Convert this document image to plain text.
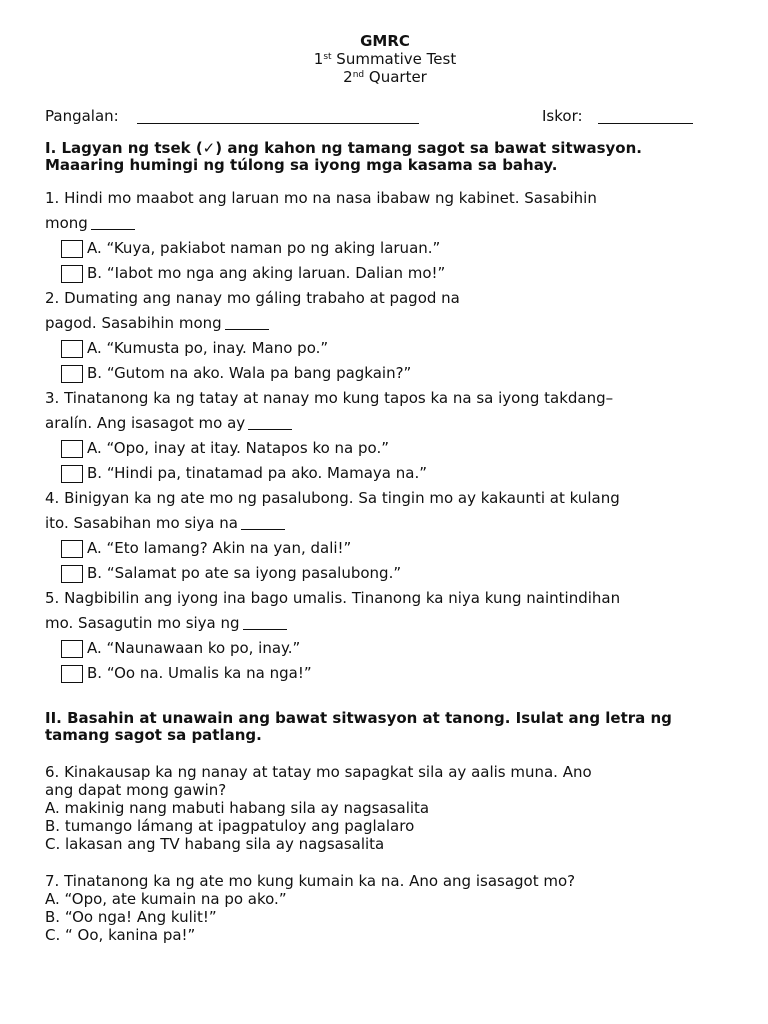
GMRC
1st Summative Test
2nd Quarter
Pangalan:	Iskor:
I. Lagyan ng tsek (✓) ang kahon ng tamang sagot sa bawat sitwasyon. Maaaring humingi ng túlong sa iyong mga kasama sa bahay.
1. Hindi mo maabot ang laruan mo na nasa ibabaw ng kabinet. Sasabihin
mong
A. “Kuya, pakiabot naman po ng aking laruan.”
B. “Iabot mo nga ang aking laruan. Dalian mo!”
2. Dumating ang nanay mo gáling trabaho at pagod na
pagod. Sasabihin mong
A. “Kumusta po, inay. Mano po.”
B. “Gutom na ako. Wala pa bang pagkain?”
3. Tinatanong ka ng tatay at nanay mo kung tapos ka na sa iyong takdang–
aralín. Ang isasagot mo ay
A. “Opo, inay at itay. Natapos ko na po.”
B. “Hindi pa, tinatamad pa ako. Mamaya na.”
4. Binigyan ka ng ate mo ng pasalubong. Sa tingin mo ay kakaunti at kulang
ito. Sasabihan mo siya na
A. “Eto lamang? Akin na yan, dali!”
B. “Salamat po ate sa iyong pasalubong.”
5. Nagbibilin ang iyong ina bago umalis. Tinanong ka niya kung naintindihan
mo. Sasagutin mo siya ng
A. “Naunawaan ko po, inay.”
B. “Oo na. Umalis ka na nga!”
II. Basahin at unawain ang bawat sitwasyon at tanong. Isulat ang letra ng tamang sagot sa patlang.
6. Kinakausap ka ng nanay at tatay mo sapagkat sila ay aalis muna. Ano
ang dapat mong gawin?
A. makinig nang mabuti habang sila ay nagsasalita
B. tumango lámang at ipagpatuloy ang paglalaro
C. lakasan ang TV habang sila ay nagsasalita
7. Tinatanong ka ng ate mo kung kumain ka na. Ano ang isasagot mo?
A. “Opo, ate kumain na po ako.”
B. “Oo nga! Ang kulit!”
C. “ Oo, kanina pa!”
